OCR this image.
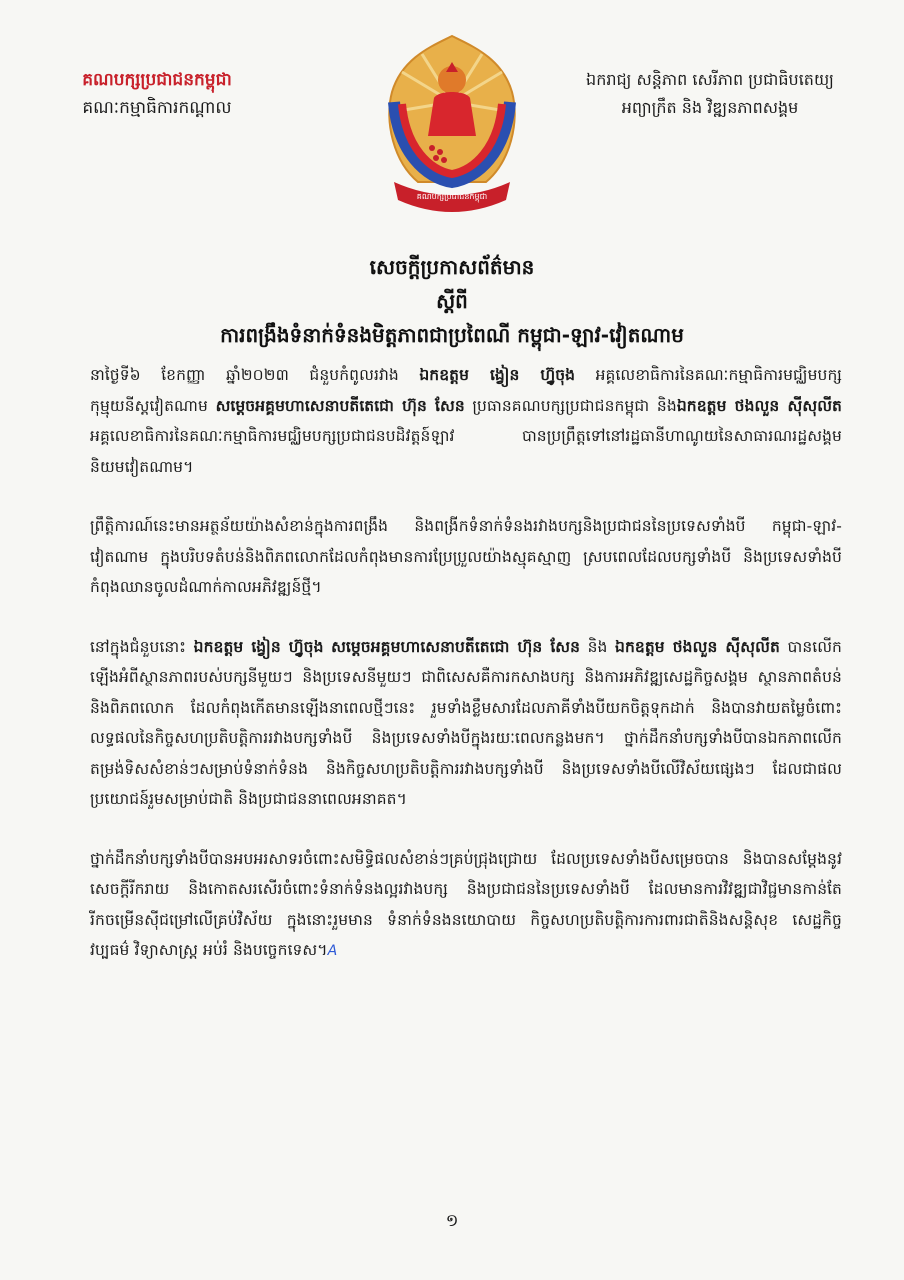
គណបក្សប្រជាជនកម្ពុជា
គណៈកម្មាធិការកណ្តាល
គណបក្សប្រជាជនកម្ពុជា
ឯករាជ្យ សន្តិភាព សេរីភាព ប្រជាធិបតេយ្យ
អព្យាក្រឹត និង វិឌ្ឍនភាពសង្គម
សេចក្តីប្រកាសព័ត៌មាន
ស្តីពី
ការពង្រឹងទំនាក់ទំនងមិត្តភាពជាប្រពៃណី កម្ពុជា-ឡាវ-វៀតណាម

នាថ្ងៃទី៦ ខែកញ្ញា ឆ្នាំ២០២៣ ជំនួបកំពូលរវាង ឯកឧត្តម ង្វៀន ហ្វ៊ូចុង អគ្គលេខាធិការនៃគណៈកម្មាធិការមជ្ឈិមបក្សកុម្មុយនីស្តវៀតណាម សម្តេចអគ្គមហាសេនាបតីតេជោ ហ៊ុន សែន ប្រធានគណបក្សប្រជាជនកម្ពុជា និងឯកឧត្តម ថងលួន ស៊ីសុលីត អគ្គលេខាធិការនៃគណៈកម្មាធិការមជ្ឈិមបក្សប្រជាជនបដិវត្តន៍ឡាវ បានប្រព្រឹត្តទៅនៅរដ្ឋធានីហាណូយនៃសាធារណរដ្ឋសង្គមនិយមវៀតណាម។

ព្រឹត្តិការណ៍នេះមានអត្ថន័យយ៉ាងសំខាន់ក្នុងការពង្រឹង និងពង្រីកទំនាក់ទំនងរវាងបក្សនិងប្រជាជននៃប្រទេសទាំងបី កម្ពុជា-ឡាវ-វៀតណាម ក្នុងបរិបទតំបន់និងពិភពលោកដែលកំពុងមានការប្រែប្រួលយ៉ាងស្មុគស្មាញ ស្របពេលដែលបក្សទាំងបី និងប្រទេសទាំងបីកំពុងឈានចូលដំណាក់កាលអភិវឌ្ឍន៍ថ្មី។

នៅក្នុងជំនួបនោះ ឯកឧត្តម ង្វៀន ហ្វ៊ូចុង សម្តេចអគ្គមហាសេនាបតីតេជោ ហ៊ុន សែន និង ឯកឧត្តម ថងលួន ស៊ីសុលីត បានលើកឡើងអំពីស្ថានភាពរបស់បក្សនីមួយៗ និងប្រទេសនីមួយៗ ជាពិសេសគឺការកសាងបក្ស និងការអភិវឌ្ឍសេដ្ឋកិច្ចសង្គម ស្ថានភាពតំបន់និងពិភពលោក ដែលកំពុងកើតមានឡើងនាពេលថ្មីៗនេះ រួមទាំងខ្លឹមសារដែលភាគីទាំងបីយកចិត្តទុកដាក់ និងបានវាយតម្លៃចំពោះលទ្ធផលនៃកិច្ចសហប្រតិបត្តិការរវាងបក្សទាំងបី និងប្រទេសទាំងបីក្នុងរយៈពេលកន្លងមក។ ថ្នាក់ដឹកនាំបក្សទាំងបីបានឯកភាពលើកតម្រង់ទិសសំខាន់ៗសម្រាប់ទំនាក់ទំនង និងកិច្ចសហប្រតិបត្តិការរវាងបក្សទាំងបី និងប្រទេសទាំងបីលើវិស័យផ្សេងៗ ដែលជាផលប្រយោជន៍រួមសម្រាប់ជាតិ និងប្រជាជននាពេលអនាគត។

ថ្នាក់ដឹកនាំបក្សទាំងបីបានអបអរសាទរចំពោះសមិទ្ធិផលសំខាន់ៗគ្រប់ជ្រុងជ្រោយ ដែលប្រទេសទាំងបីសម្រេចបាន និងបានសម្តែងនូវសេចក្តីរីករាយ និងកោតសរសើរចំពោះទំនាក់ទំនងល្អរវាងបក្ស និងប្រជាជននៃប្រទេសទាំងបី ដែលមានការវិវឌ្ឍជាវិជ្ជមានកាន់តែរីកចម្រើនស៊ីជម្រៅលើគ្រប់វិស័យ ក្នុងនោះរួមមាន ទំនាក់ទំនងនយោបាយ កិច្ចសហប្រតិបត្តិការការពារជាតិនិងសន្តិសុខ សេដ្ឋកិច្ច វប្បធម៌ វិទ្យាសាស្ត្រ អប់រំ និងបច្ចេកទេស។A

១
